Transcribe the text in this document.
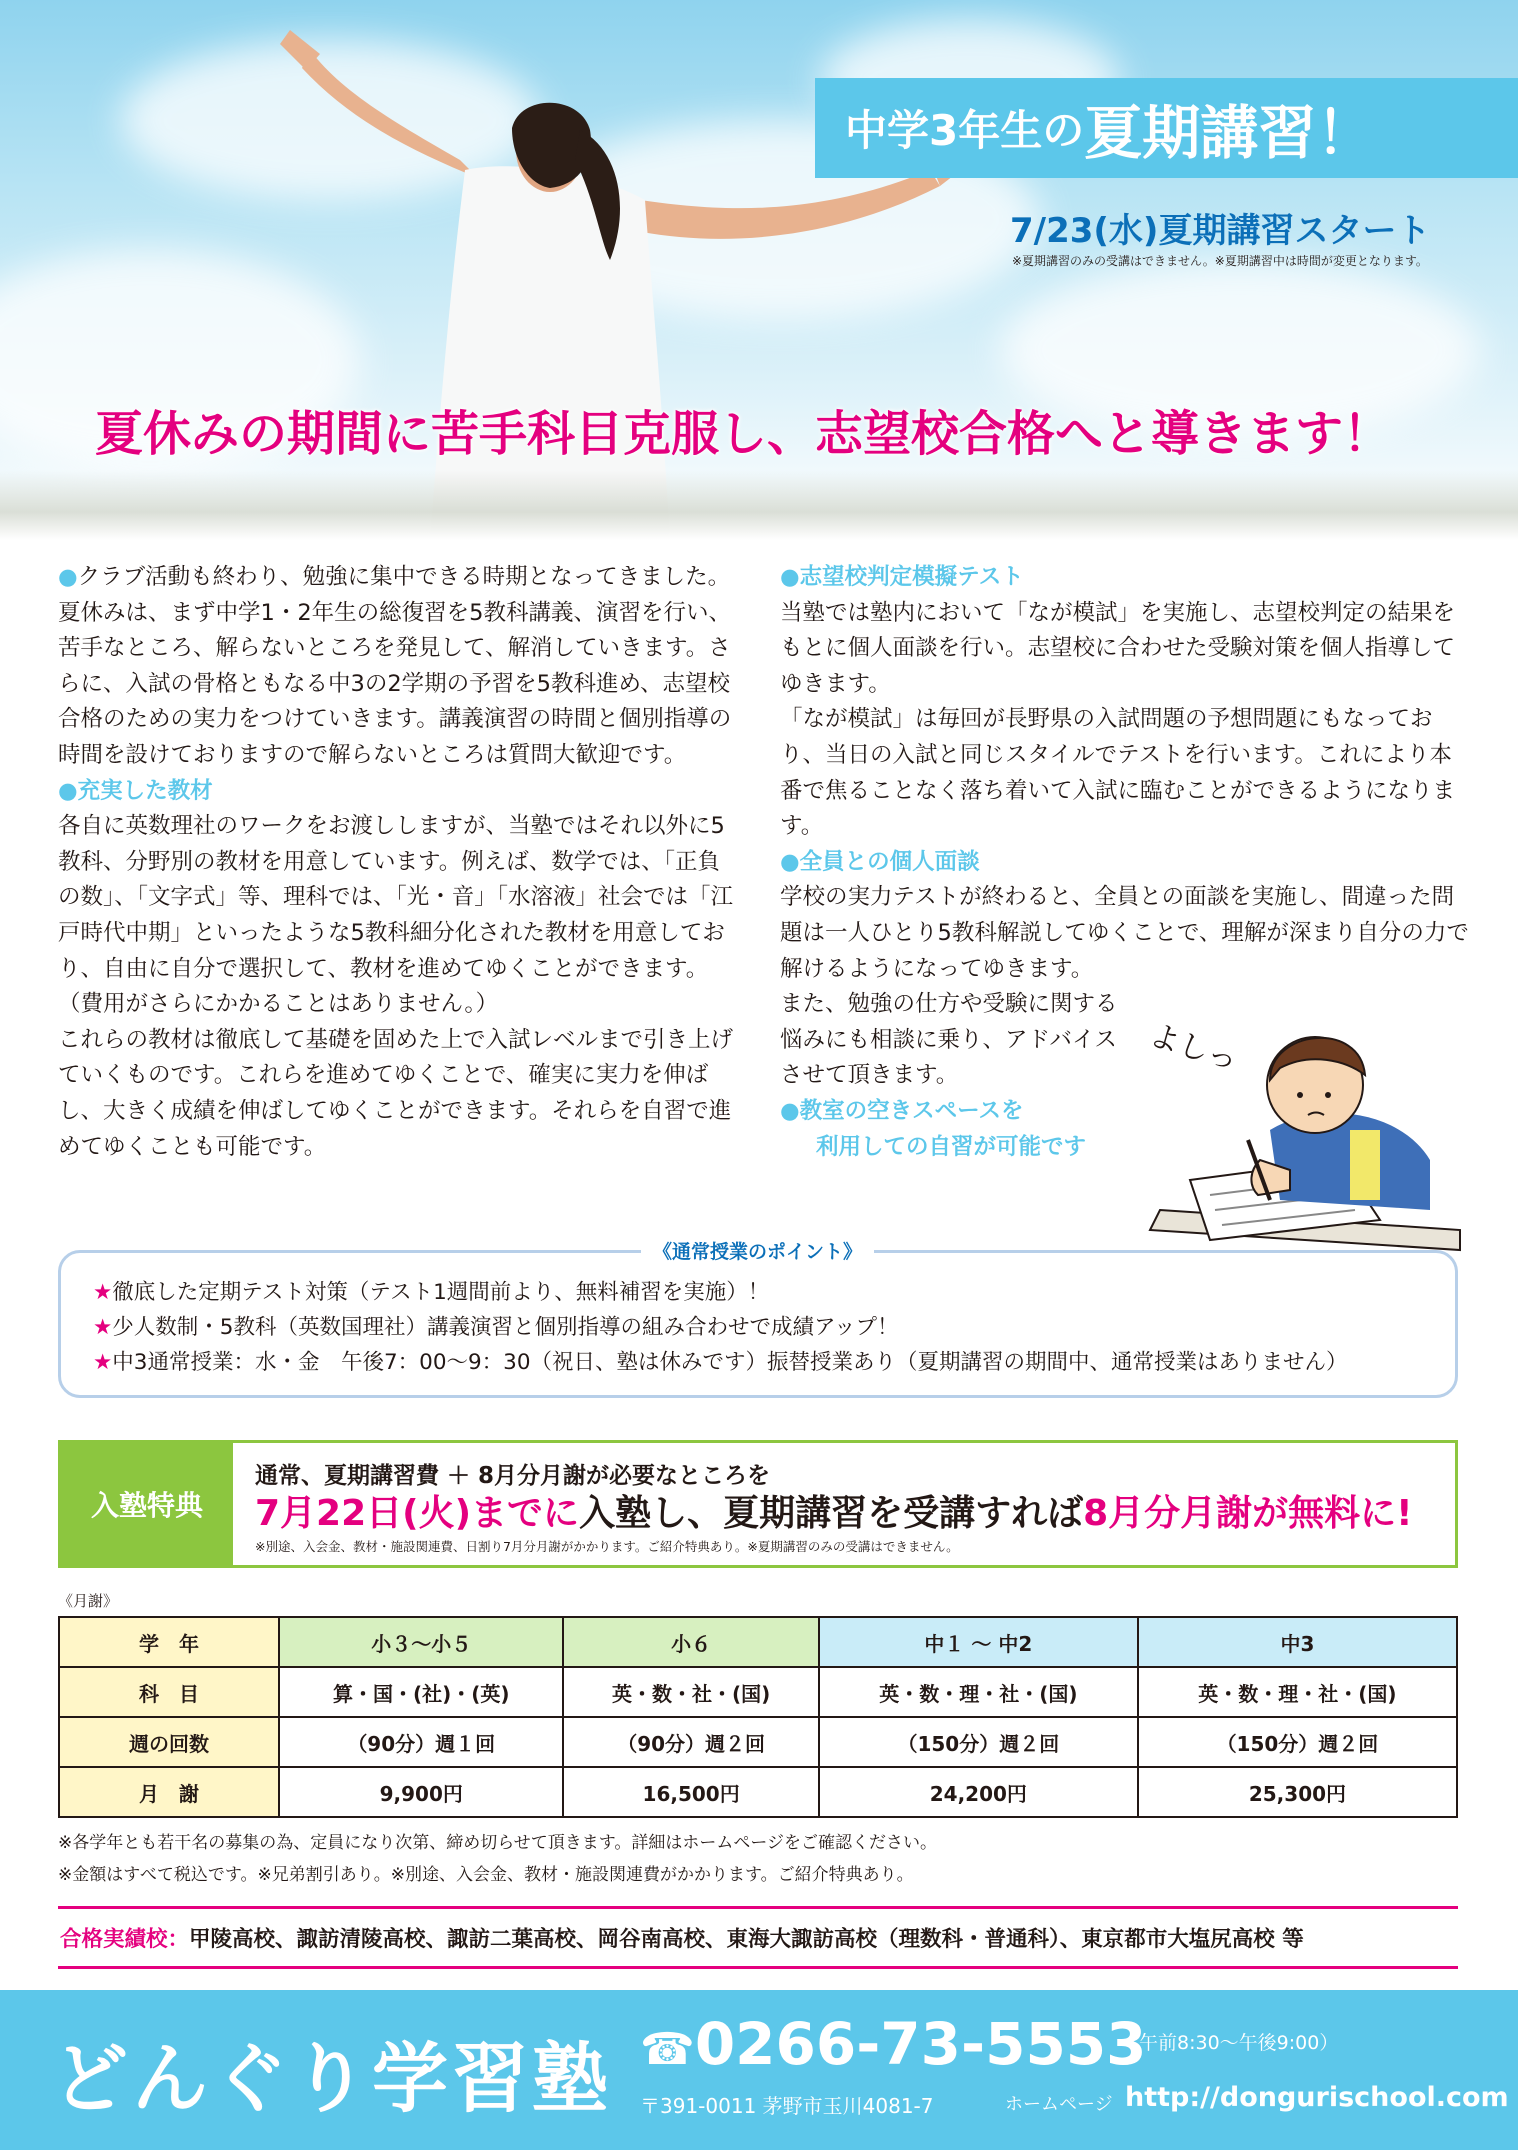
中学3年生の 夏期講習！
7/23(水)夏期講習スタート
※夏期講習のみの受講はできません。※夏期講習中は時間が変更となります。
夏休みの期間に苦手科目克服し、志望校合格へと導きます！

●クラブ活動も終わり、勉強に集中できる時期となってきました。夏休みは、まず中学1・2年生の総復習を5教科講義、演習を行い、苦手なところ、解らないところを発見して、解消していきます。さらに、入試の骨格ともなる中3の2学期の予習を5教科進め、志望校合格のための実力をつけていきます。講義演習の時間と個別指導の時間を設けておりますので解らないところは質問大歓迎です。

●充実した教材

各自に英数理社のワークをお渡ししますが、当塾ではそれ以外に5教科、分野別の教材を用意しています。例えば、数学では、「正負の数」、「文字式」等、理科では、「光・音」「水溶液」社会では「江戸時代中期」といったような5教科細分化された教材を用意しており、自由に自分で選択して、教材を進めてゆくことができます。（費用がさらにかかることはありません。）

これらの教材は徹底して基礎を固めた上で入試レベルまで引き上げていくものです。これらを進めてゆくことで、確実に実力を伸ばし、大きく成績を伸ばしてゆくことができます。それらを自習で進めてゆくことも可能です。

●志望校判定模擬テスト

当塾では塾内において「なが模試」を実施し、志望校判定の結果をもとに個人面談を行い。志望校に合わせた受験対策を個人指導してゆきます。

「なが模試」は毎回が長野県の入試問題の予想問題にもなっており、当日の入試と同じスタイルでテストを行います。これにより本番で焦ることなく落ち着いて入試に臨むことができるようになります。

●全員との個人面談

学校の実力テストが終わると、全員との面談を実施し、間違った問題は一人ひとり5教科解説してゆくことで、理解が深まり自分の力で解けるようになってゆきます。

また、勉強の仕方や受験に関する

悩みにも相談に乗り、アドバイス

させて頂きます。

●教室の空きスペースを

利用しての自習が可能です

よしっ
《通常授業のポイント》
★徹底した定期テスト対策（テスト1週間前より、無料補習を実施）！
★少人数制・5教科（英数国理社）講義演習と個別指導の組み合わせで成績アップ！
★中3通常授業：水・金　午後7：00〜9：30（祝日、塾は休みです）振替授業あり（夏期講習の期間中、通常授業はありません）
入塾特典
通常、夏期講習費 ＋ 8月分月謝が必要なところを
7月22日(火)までに入塾し、夏期講習を受講すれば8月分月謝が無料に!
※別途、入会金、教材・施設関連費、日割り7月分月謝がかかります。ご紹介特典あり。※夏期講習のみの受講はできません。
《月謝》
学　年	小３〜小５	小６	中１ 〜 中2	中3
科　目	算・国・(社)・(英)	英・数・社・(国)	英・数・理・社・(国)	英・数・理・社・(国)
週の回数	（90分）週１回	（90分）週２回	（150分）週２回	（150分）週２回
月　謝	9,900円	16,500円	24,200円	25,300円
※各学年とも若干名の募集の為、定員になり次第、締め切らせて頂きます。詳細はホームページをご確認ください。
※金額はすべて税込です。※兄弟割引あり。※別途、入会金、教材・施設関連費がかかります。ご紹介特典あり。
合格実績校：甲陵高校、諏訪清陵高校、諏訪二葉高校、岡谷南高校、東海大諏訪高校（理数科・普通科）、東京都市大塩尻高校 等
どんぐり学習塾 ☎0266-73-5553
（午前8:30〜午後9:00）
〒391-0011 茅野市玉川4081-7	ホームページ http://dongurischool.com
